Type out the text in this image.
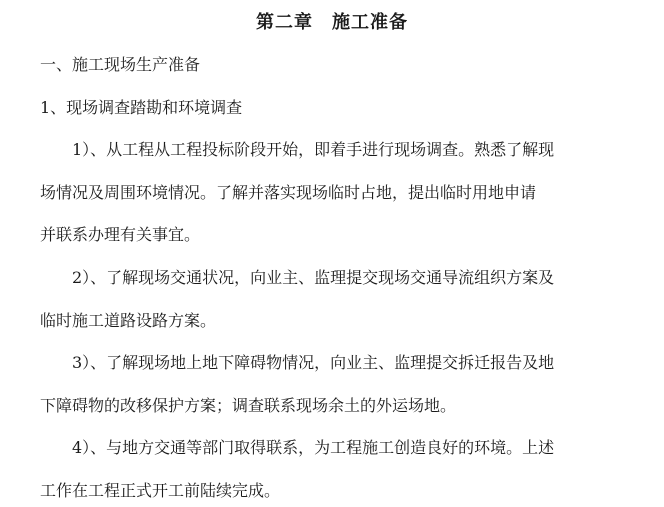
第二章　施工准备
一、施工现场生产准备
1、现场调查踏勘和环境调查
1）、从工程从工程投标阶段开始，即着手进行现场调查。熟悉了解现
场情况及周围环境情况。了解并落实现场临时占地，提出临时用地申请
并联系办理有关事宜。
2）、了解现场交通状况，向业主、监理提交现场交通导流组织方案及
临时施工道路设路方案。
3）、了解现场地上地下障碍物情况，向业主、监理提交拆迁报告及地
下障碍物的改移保护方案；调查联系现场余土的外运场地。
4）、与地方交通等部门取得联系，为工程施工创造良好的环境。上述
工作在工程正式开工前陆续完成。
